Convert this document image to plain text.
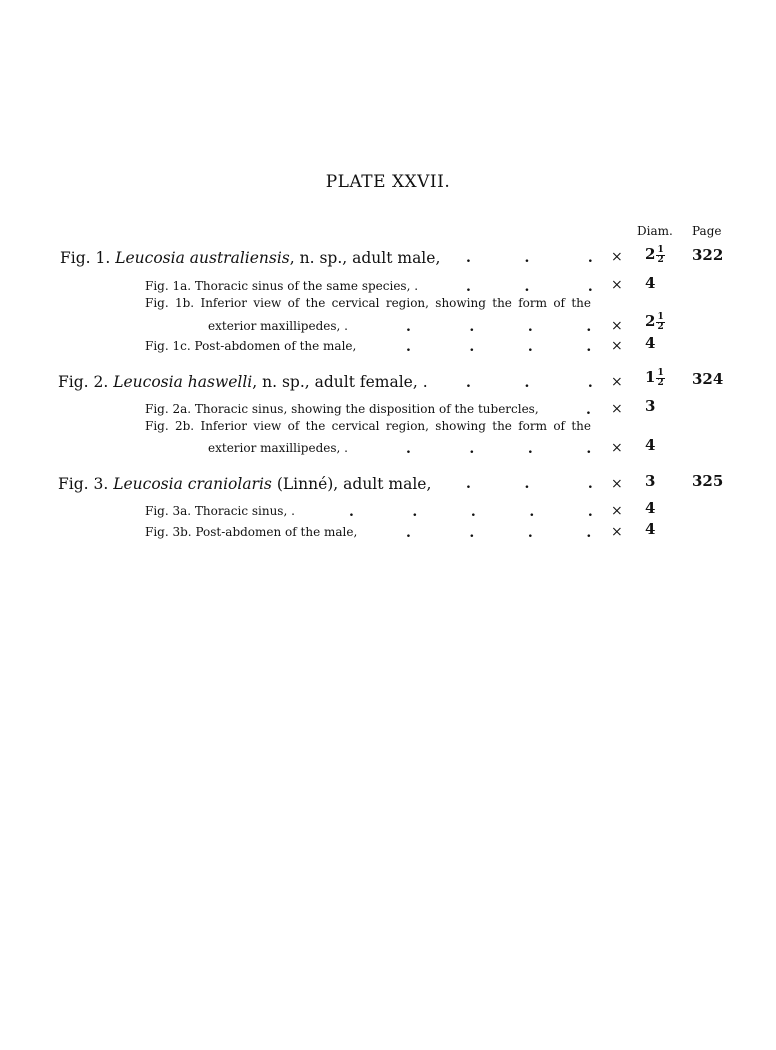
PLATE XXVII.
Diam. Page
Fig. 1. Leucosia australiensis, n. sp., adult male, .           .            . × $2 \frac{1}{2} 322$
Fig. 1a. Thoracic sinus of the same species, .	.           .            . × 4
Fig. 1b. Inferior view of the cervical region, showing the form of the
exterior maxillipedes, .	.            .           .           . × $2 \frac{1}{2}$
Fig. 1c. Post-abdomen of the male,	.            .           .           . × 4
Fig. 2. Leucosia haswelli, n. sp., adult female, .	.           .            . × $1 \frac{1}{2} 324$
Fig. 2a. Thoracic sinus, showing the disposition of the tubercles,	. × 3
Fig. 2b. Inferior view of the cervical region, showing the form of the
exterior maxillipedes, .	.            .           .           . × 4
Fig. 3. Leucosia craniolaris (Linné), adult male, .           .            . × 3 325
Fig. 3a. Thoracic sinus, .	.            .           .           .           . × 4
Fig. 3b. Post-abdomen of the male,	.            .           .           . × 4
